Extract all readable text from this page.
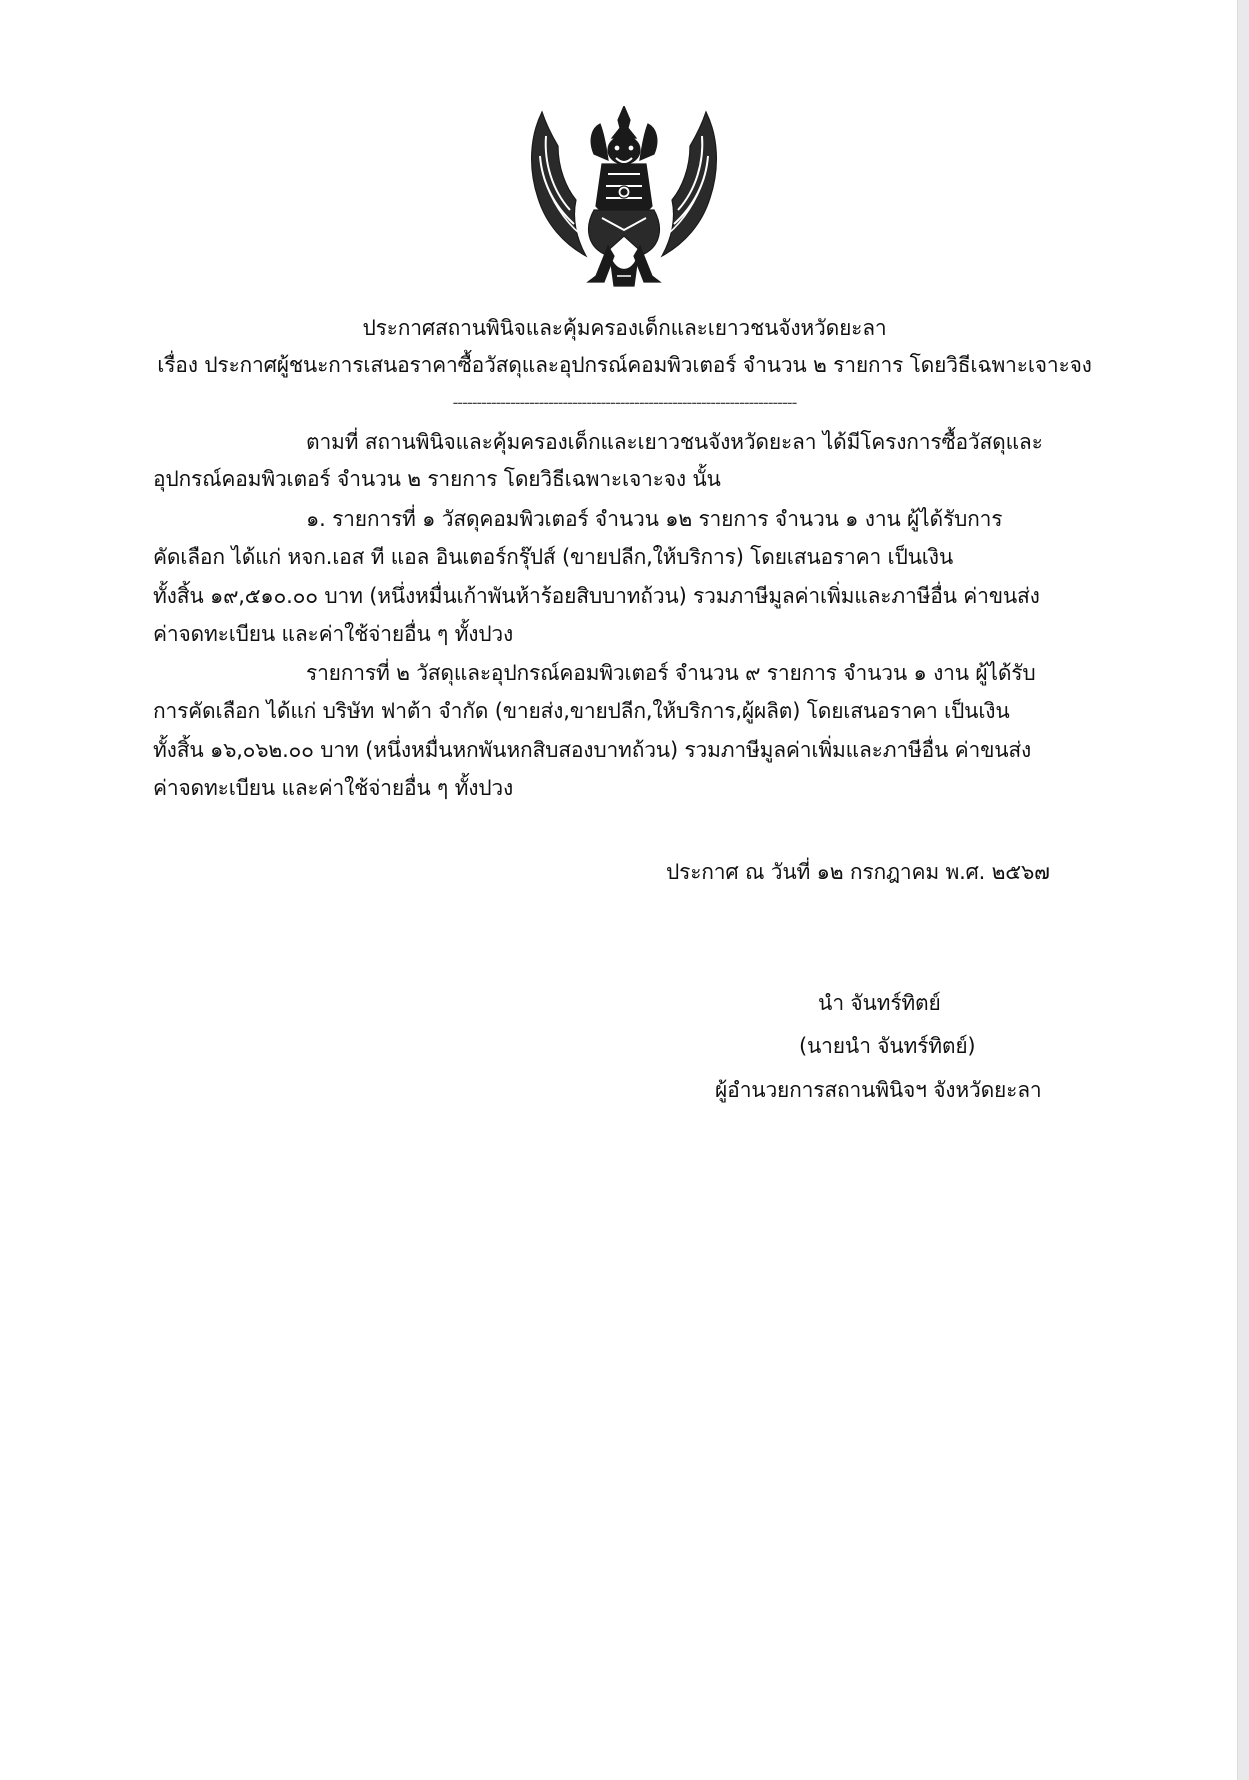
ประกาศสถานพินิจและคุ้มครองเด็กและเยาวชนจังหวัดยะลา
เรื่อง ประกาศผู้ชนะการเสนอราคาซื้อวัสดุและอุปกรณ์คอมพิวเตอร์ จำนวน ๒ รายการ โดยวิธีเฉพาะเจาะจง
------------------------------------------------------------------------
ตามที่ สถานพินิจและคุ้มครองเด็กและเยาวชนจังหวัดยะลา ได้มีโครงการซื้อวัสดุและ
อุปกรณ์คอมพิวเตอร์ จำนวน ๒ รายการ โดยวิธีเฉพาะเจาะจง นั้น
๑. รายการที่ ๑ วัสดุคอมพิวเตอร์ จำนวน ๑๒ รายการ จำนวน ๑ งาน ผู้ได้รับการ
คัดเลือก ได้แก่ หจก.เอส ที แอล อินเตอร์กรุ๊ปส์ (ขายปลีก,ให้บริการ) โดยเสนอราคา เป็นเงิน
ทั้งสิ้น ๑๙,๕๑๐.๐๐ บาท (หนึ่งหมื่นเก้าพันห้าร้อยสิบบาทถ้วน) รวมภาษีมูลค่าเพิ่มและภาษีอื่น ค่าขนส่ง
ค่าจดทะเบียน และค่าใช้จ่ายอื่น ๆ ทั้งปวง
รายการที่ ๒ วัสดุและอุปกรณ์คอมพิวเตอร์ จำนวน ๙ รายการ จำนวน ๑ งาน ผู้ได้รับ
การคัดเลือก ได้แก่ บริษัท ฟาต้า จำกัด (ขายส่ง,ขายปลีก,ให้บริการ,ผู้ผลิต) โดยเสนอราคา เป็นเงิน
ทั้งสิ้น ๑๖,๐๖๒.๐๐ บาท (หนึ่งหมื่นหกพันหกสิบสองบาทถ้วน) รวมภาษีมูลค่าเพิ่มและภาษีอื่น ค่าขนส่ง
ค่าจดทะเบียน และค่าใช้จ่ายอื่น ๆ ทั้งปวง
ประกาศ ณ วันที่ ๑๒ กรกฎาคม พ.ศ. ๒๕๖๗
นำ จันทร์ทิตย์
(นายนำ จันทร์ทิตย์)
ผู้อำนวยการสถานพินิจฯ จังหวัดยะลา
